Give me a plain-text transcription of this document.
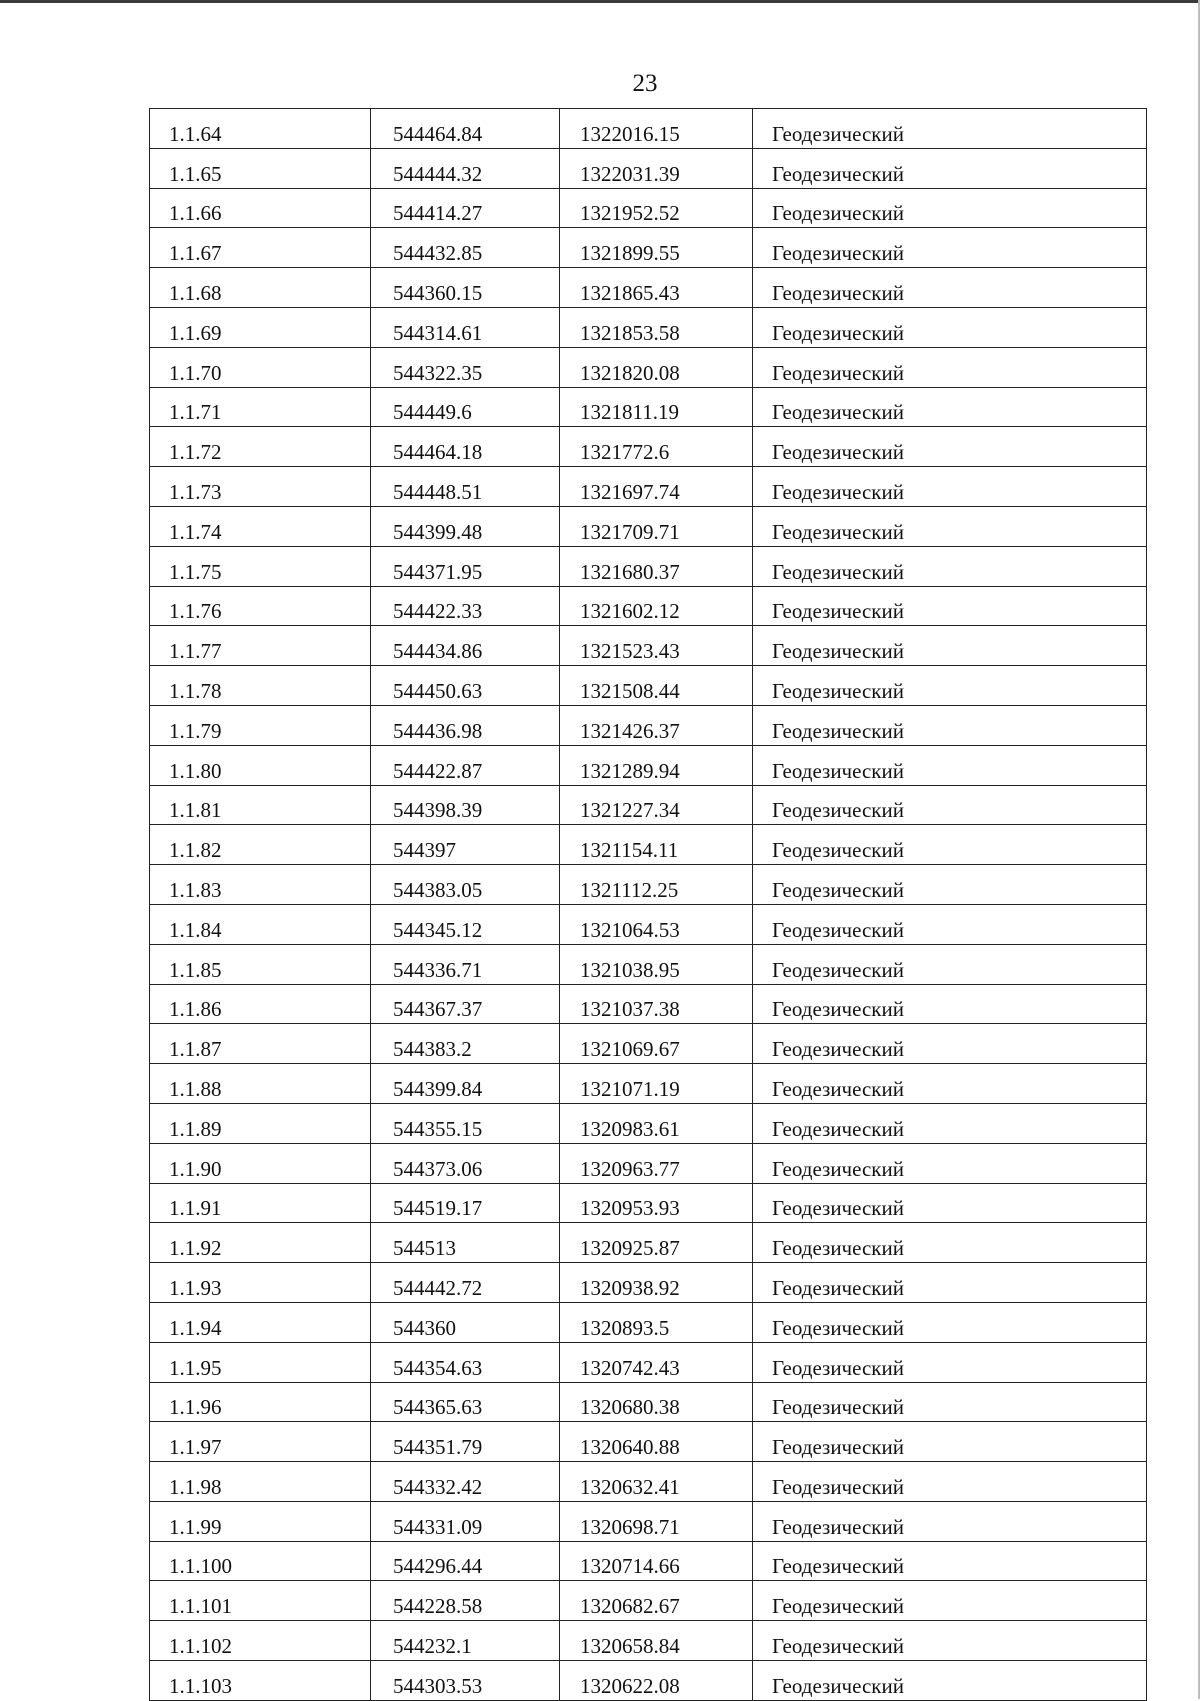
23
1.1.64	544464.84	1322016.15	Геодезический
1.1.65	544444.32	1322031.39	Геодезический
1.1.66	544414.27	1321952.52	Геодезический
1.1.67	544432.85	1321899.55	Геодезический
1.1.68	544360.15	1321865.43	Геодезический
1.1.69	544314.61	1321853.58	Геодезический
1.1.70	544322.35	1321820.08	Геодезический
1.1.71	544449.6	1321811.19	Геодезический
1.1.72	544464.18	1321772.6	Геодезический
1.1.73	544448.51	1321697.74	Геодезический
1.1.74	544399.48	1321709.71	Геодезический
1.1.75	544371.95	1321680.37	Геодезический
1.1.76	544422.33	1321602.12	Геодезический
1.1.77	544434.86	1321523.43	Геодезический
1.1.78	544450.63	1321508.44	Геодезический
1.1.79	544436.98	1321426.37	Геодезический
1.1.80	544422.87	1321289.94	Геодезический
1.1.81	544398.39	1321227.34	Геодезический
1.1.82	544397	1321154.11	Геодезический
1.1.83	544383.05	1321112.25	Геодезический
1.1.84	544345.12	1321064.53	Геодезический
1.1.85	544336.71	1321038.95	Геодезический
1.1.86	544367.37	1321037.38	Геодезический
1.1.87	544383.2	1321069.67	Геодезический
1.1.88	544399.84	1321071.19	Геодезический
1.1.89	544355.15	1320983.61	Геодезический
1.1.90	544373.06	1320963.77	Геодезический
1.1.91	544519.17	1320953.93	Геодезический
1.1.92	544513	1320925.87	Геодезический
1.1.93	544442.72	1320938.92	Геодезический
1.1.94	544360	1320893.5	Геодезический
1.1.95	544354.63	1320742.43	Геодезический
1.1.96	544365.63	1320680.38	Геодезический
1.1.97	544351.79	1320640.88	Геодезический
1.1.98	544332.42	1320632.41	Геодезический
1.1.99	544331.09	1320698.71	Геодезический
1.1.100	544296.44	1320714.66	Геодезический
1.1.101	544228.58	1320682.67	Геодезический
1.1.102	544232.1	1320658.84	Геодезический
1.1.103	544303.53	1320622.08	Геодезический
